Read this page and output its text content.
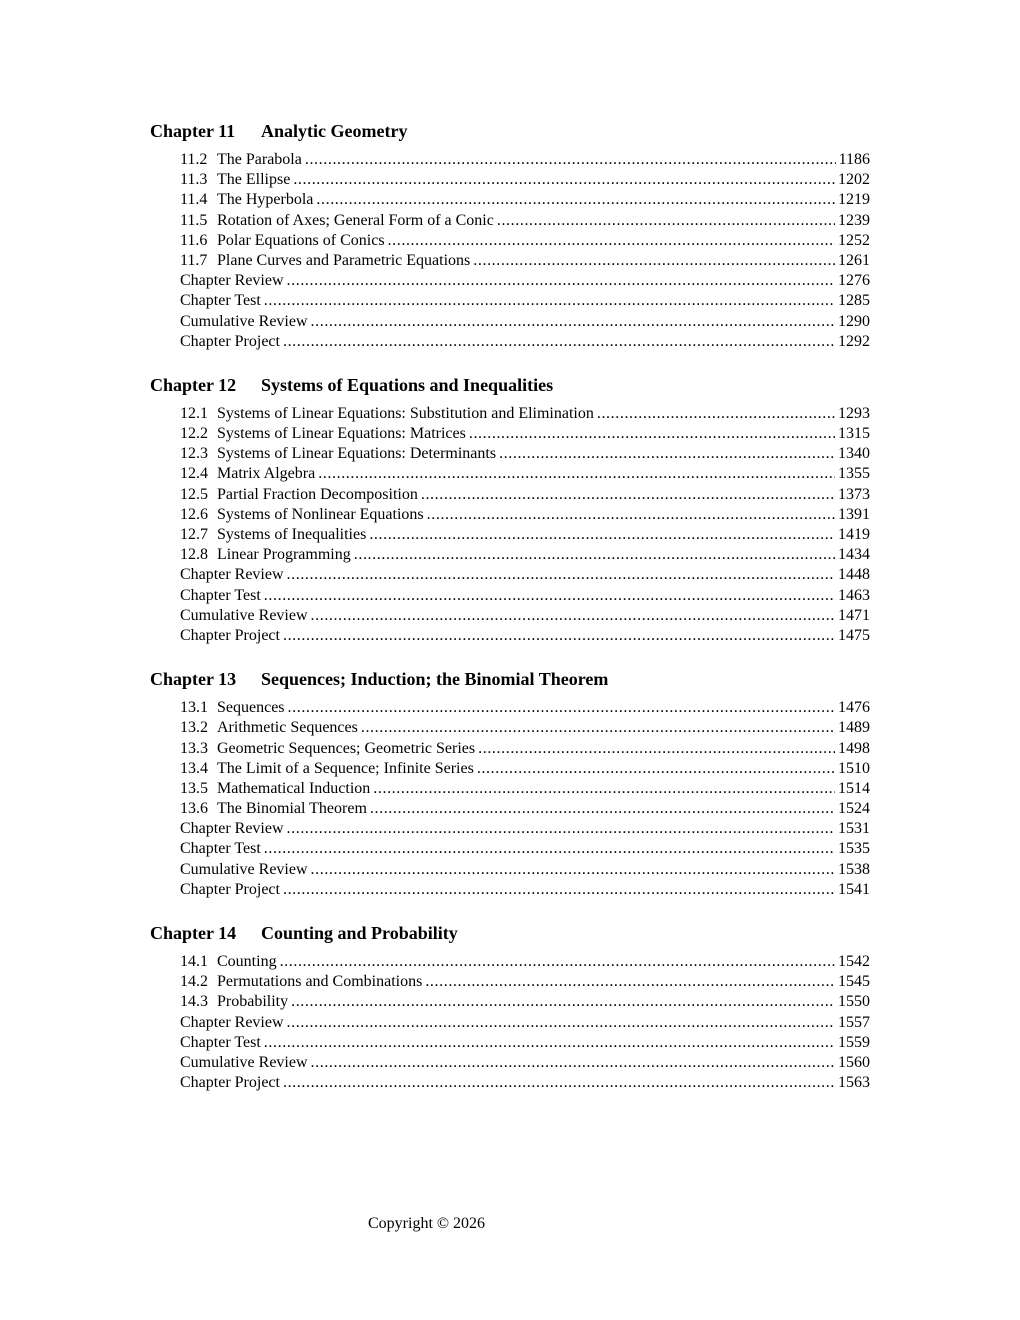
Chapter 11 Analytic Geometry
11.2 The Parabola .....	1186
11.3 The Ellipse .....	1202
11.4 The Hyperbola .....	1219
11.5 Rotation of Axes; General Form of a Conic .....	1239
11.6 Polar Equations of Conics .....	1252
11.7 Plane Curves and Parametric Equations .....	1261
Chapter Review .....	1276
Chapter Test .....	1285
Cumulative Review .....	1290
Chapter Project .....	1292
Chapter 12 Systems of Equations and Inequalities
12.1 Systems of Linear Equations: Substitution and Elimination .....	1293
12.2 Systems of Linear Equations: Matrices .....	1315
12.3 Systems of Linear Equations: Determinants .....	1340
12.4 Matrix Algebra .....	1355
12.5 Partial Fraction Decomposition .....	1373
12.6 Systems of Nonlinear Equations .....	1391
12.7 Systems of Inequalities .....	1419
12.8 Linear Programming .....	1434
Chapter Review .....	1448
Chapter Test .....	1463
Cumulative Review .....	1471
Chapter Project .....	1475
Chapter 13 Sequences; Induction; the Binomial Theorem
13.1 Sequences .....	1476
13.2 Arithmetic Sequences .....	1489
13.3 Geometric Sequences; Geometric Series .....	1498
13.4 The Limit of a Sequence; Infinite Series .....	1510
13.5 Mathematical Induction .....	1514
13.6 The Binomial Theorem .....	1524
Chapter Review .....	1531
Chapter Test .....	1535
Cumulative Review .....	1538
Chapter Project .....	1541
Chapter 14 Counting and Probability
14.1 Counting .....	1542
14.2 Permutations and Combinations .....	1545
14.3 Probability .....	1550
Chapter Review .....	1557
Chapter Test .....	1559
Cumulative Review .....	1560
Chapter Project .....	1563
Copyright © 2026
